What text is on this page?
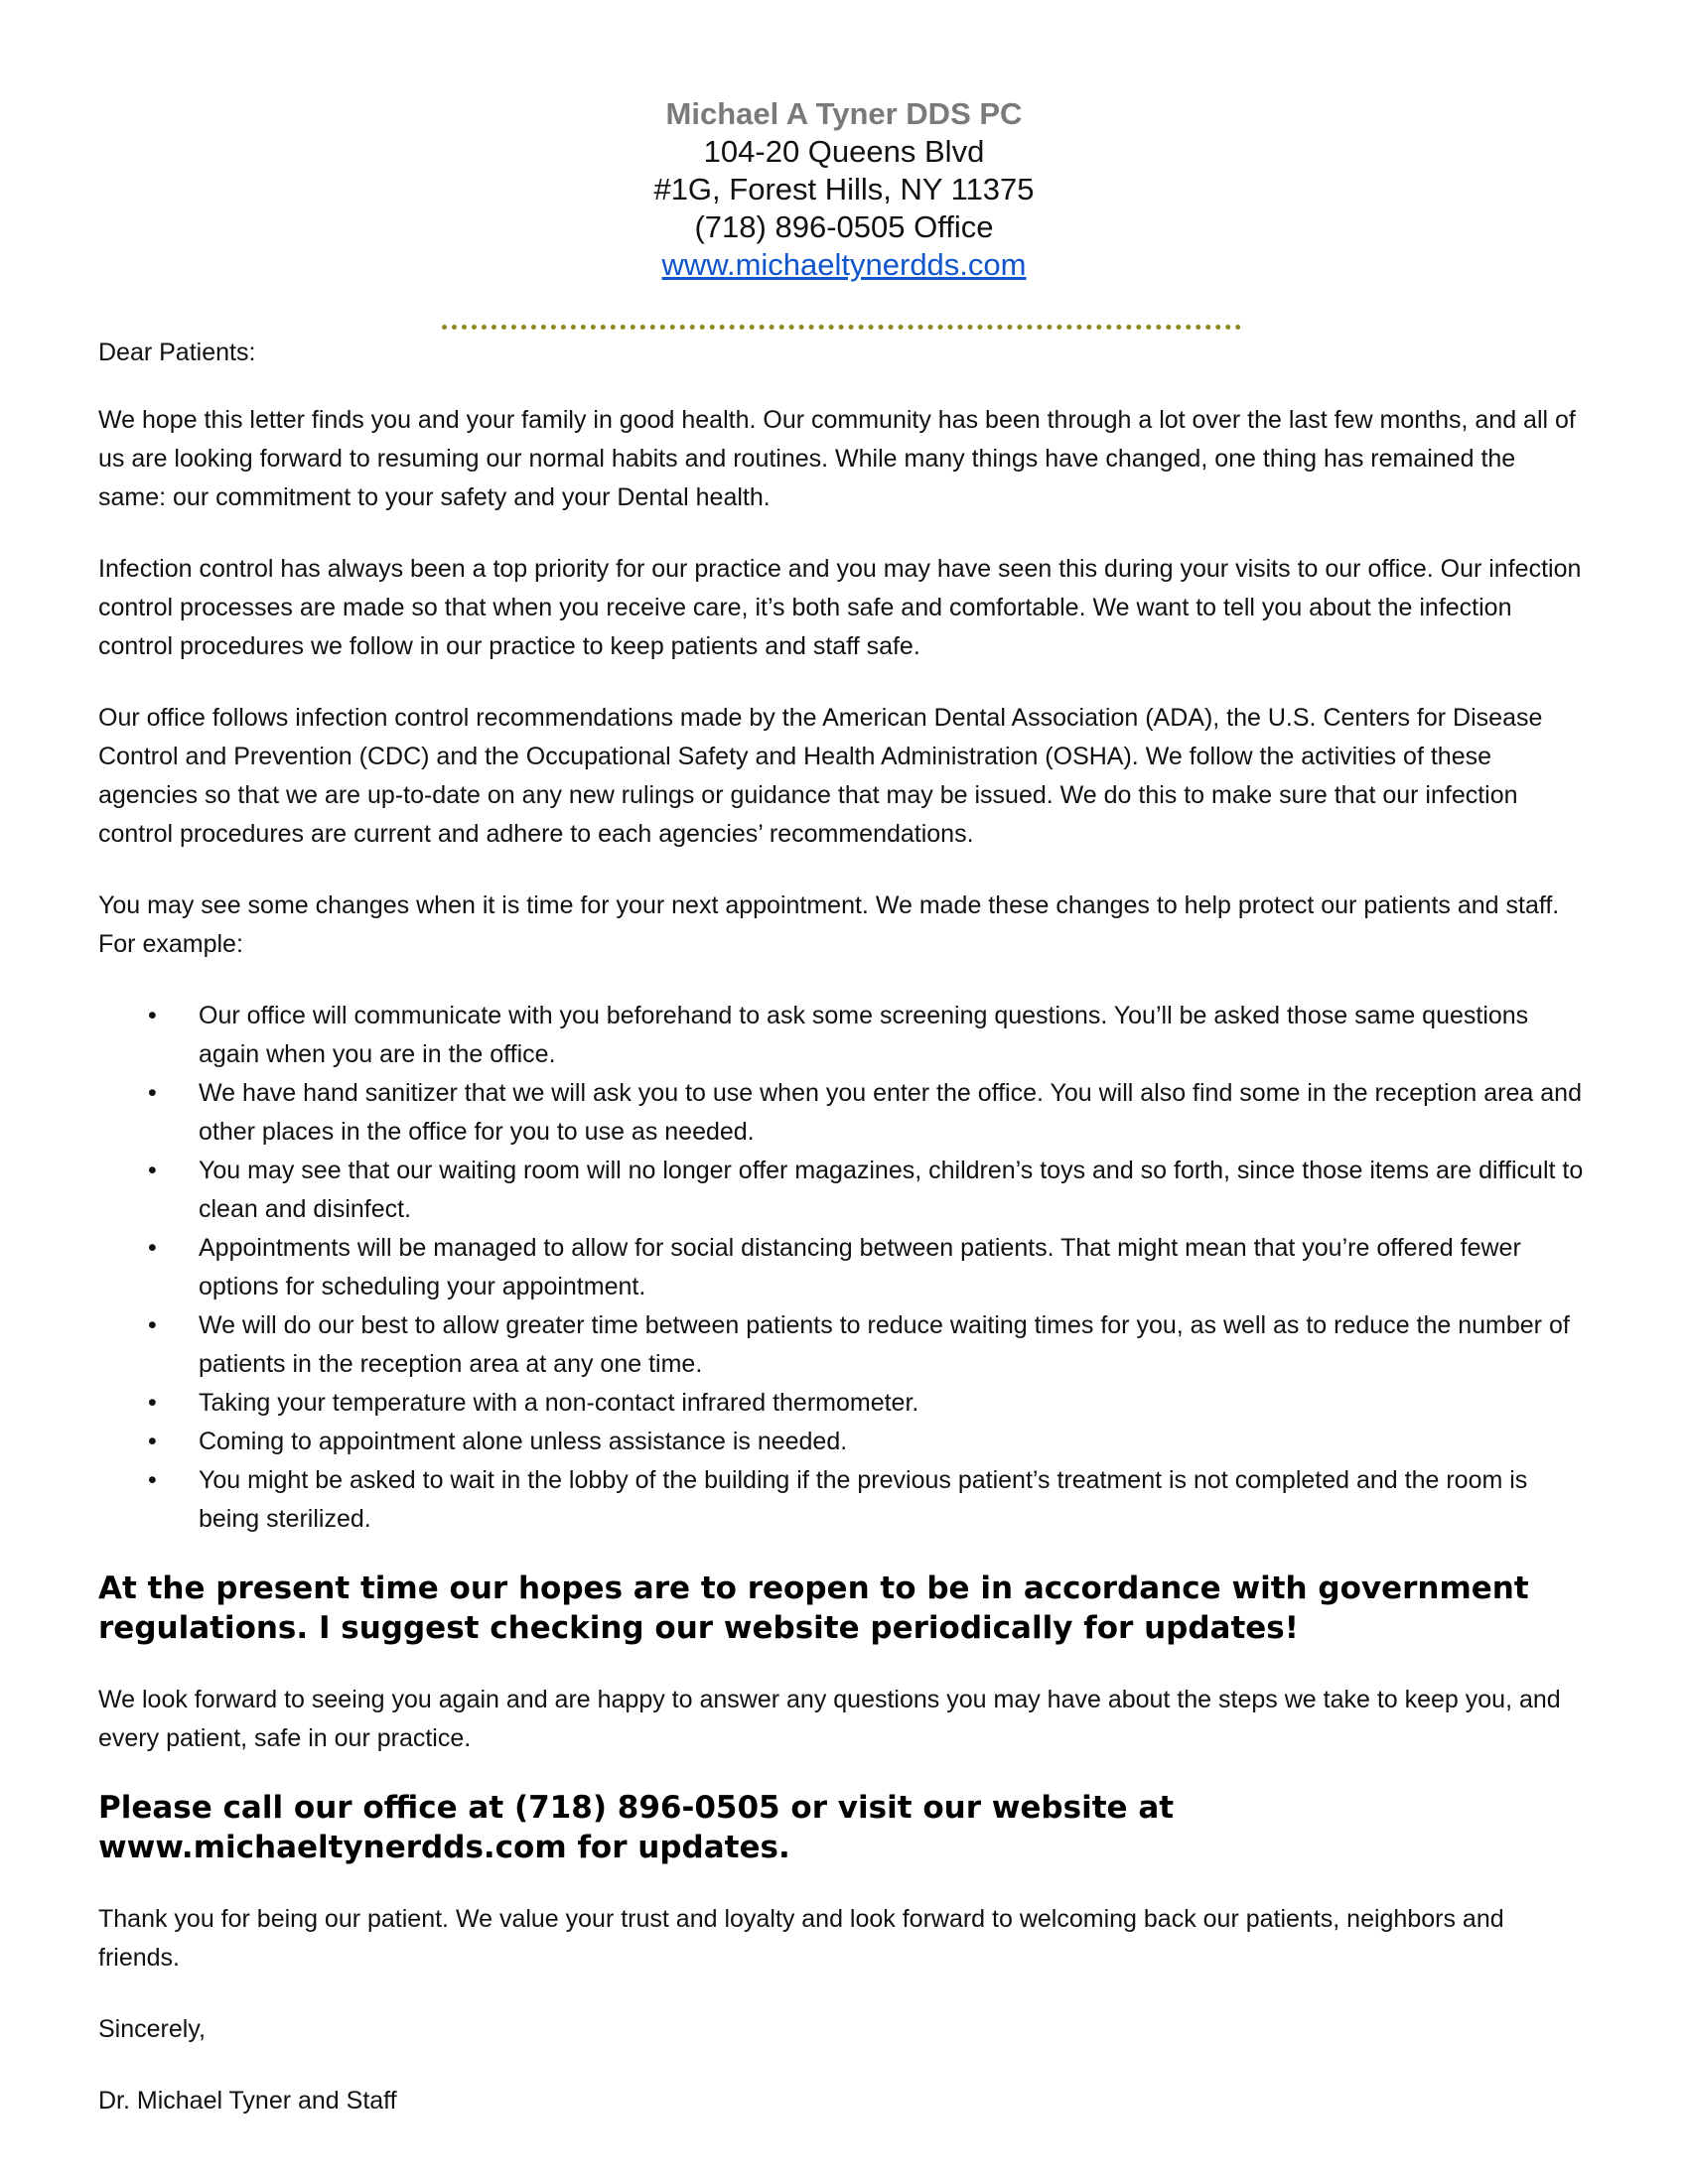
Michael A Tyner DDS PC
104-20 Queens Blvd
#1G, Forest Hills, NY 11375
(718) 896-0505 Office
www.michaeltynerdds.com

Dear Patients:

We hope this letter finds you and your family in good health. Our community has been through a lot over the last few months, and all of us are looking forward to resuming our normal habits and routines. While many things have changed, one thing has remained the same: our commitment to your safety and your Dental health.

Infection control has always been a top priority for our practice and you may have seen this during your visits to our office. Our infection control processes are made so that when you receive care, it’s both safe and comfortable. We want to tell you about the infection control procedures we follow in our practice to keep patients and staff safe.

Our office follows infection control recommendations made by the American Dental Association (ADA), the U.S. Centers for Disease Control and Prevention (CDC) and the Occupational Safety and Health Administration (OSHA). We follow the activities of these agencies so that we are up-to-date on any new rulings or guidance that may be issued. We do this to make sure that our infection control procedures are current and adhere to each agencies’ recommendations.

You may see some changes when it is time for your next appointment. We made these changes to help protect our patients and staff. For example:

• Our office will communicate with you beforehand to ask some screening questions. You’ll be asked those same questions again when you are in the office.
• We have hand sanitizer that we will ask you to use when you enter the office. You will also find some in the reception area and other places in the office for you to use as needed.
• You may see that our waiting room will no longer offer magazines, children’s toys and so forth, since those items are difficult to clean and disinfect.
• Appointments will be managed to allow for social distancing between patients. That might mean that you’re offered fewer options for scheduling your appointment.
• We will do our best to allow greater time between patients to reduce waiting times for you, as well as to reduce the number of patients in the reception area at any one time.
• Taking your temperature with a non-contact infrared thermometer.
• Coming to appointment alone unless assistance is needed.
• You might be asked to wait in the lobby of the building if the previous patient’s treatment is not completed and the room is being sterilized.

At the present time our hopes are to reopen to be in accordance with government regulations. I suggest checking our website periodically for updates!

We look forward to seeing you again and are happy to answer any questions you may have about the steps we take to keep you, and every patient, safe in our practice.

Please call our office at (718) 896-0505 or visit our website at www.michaeltynerdds.com for updates.

Thank you for being our patient. We value your trust and loyalty and look forward to welcoming back our patients, neighbors and friends.

Sincerely,

Dr. Michael Tyner and Staff
